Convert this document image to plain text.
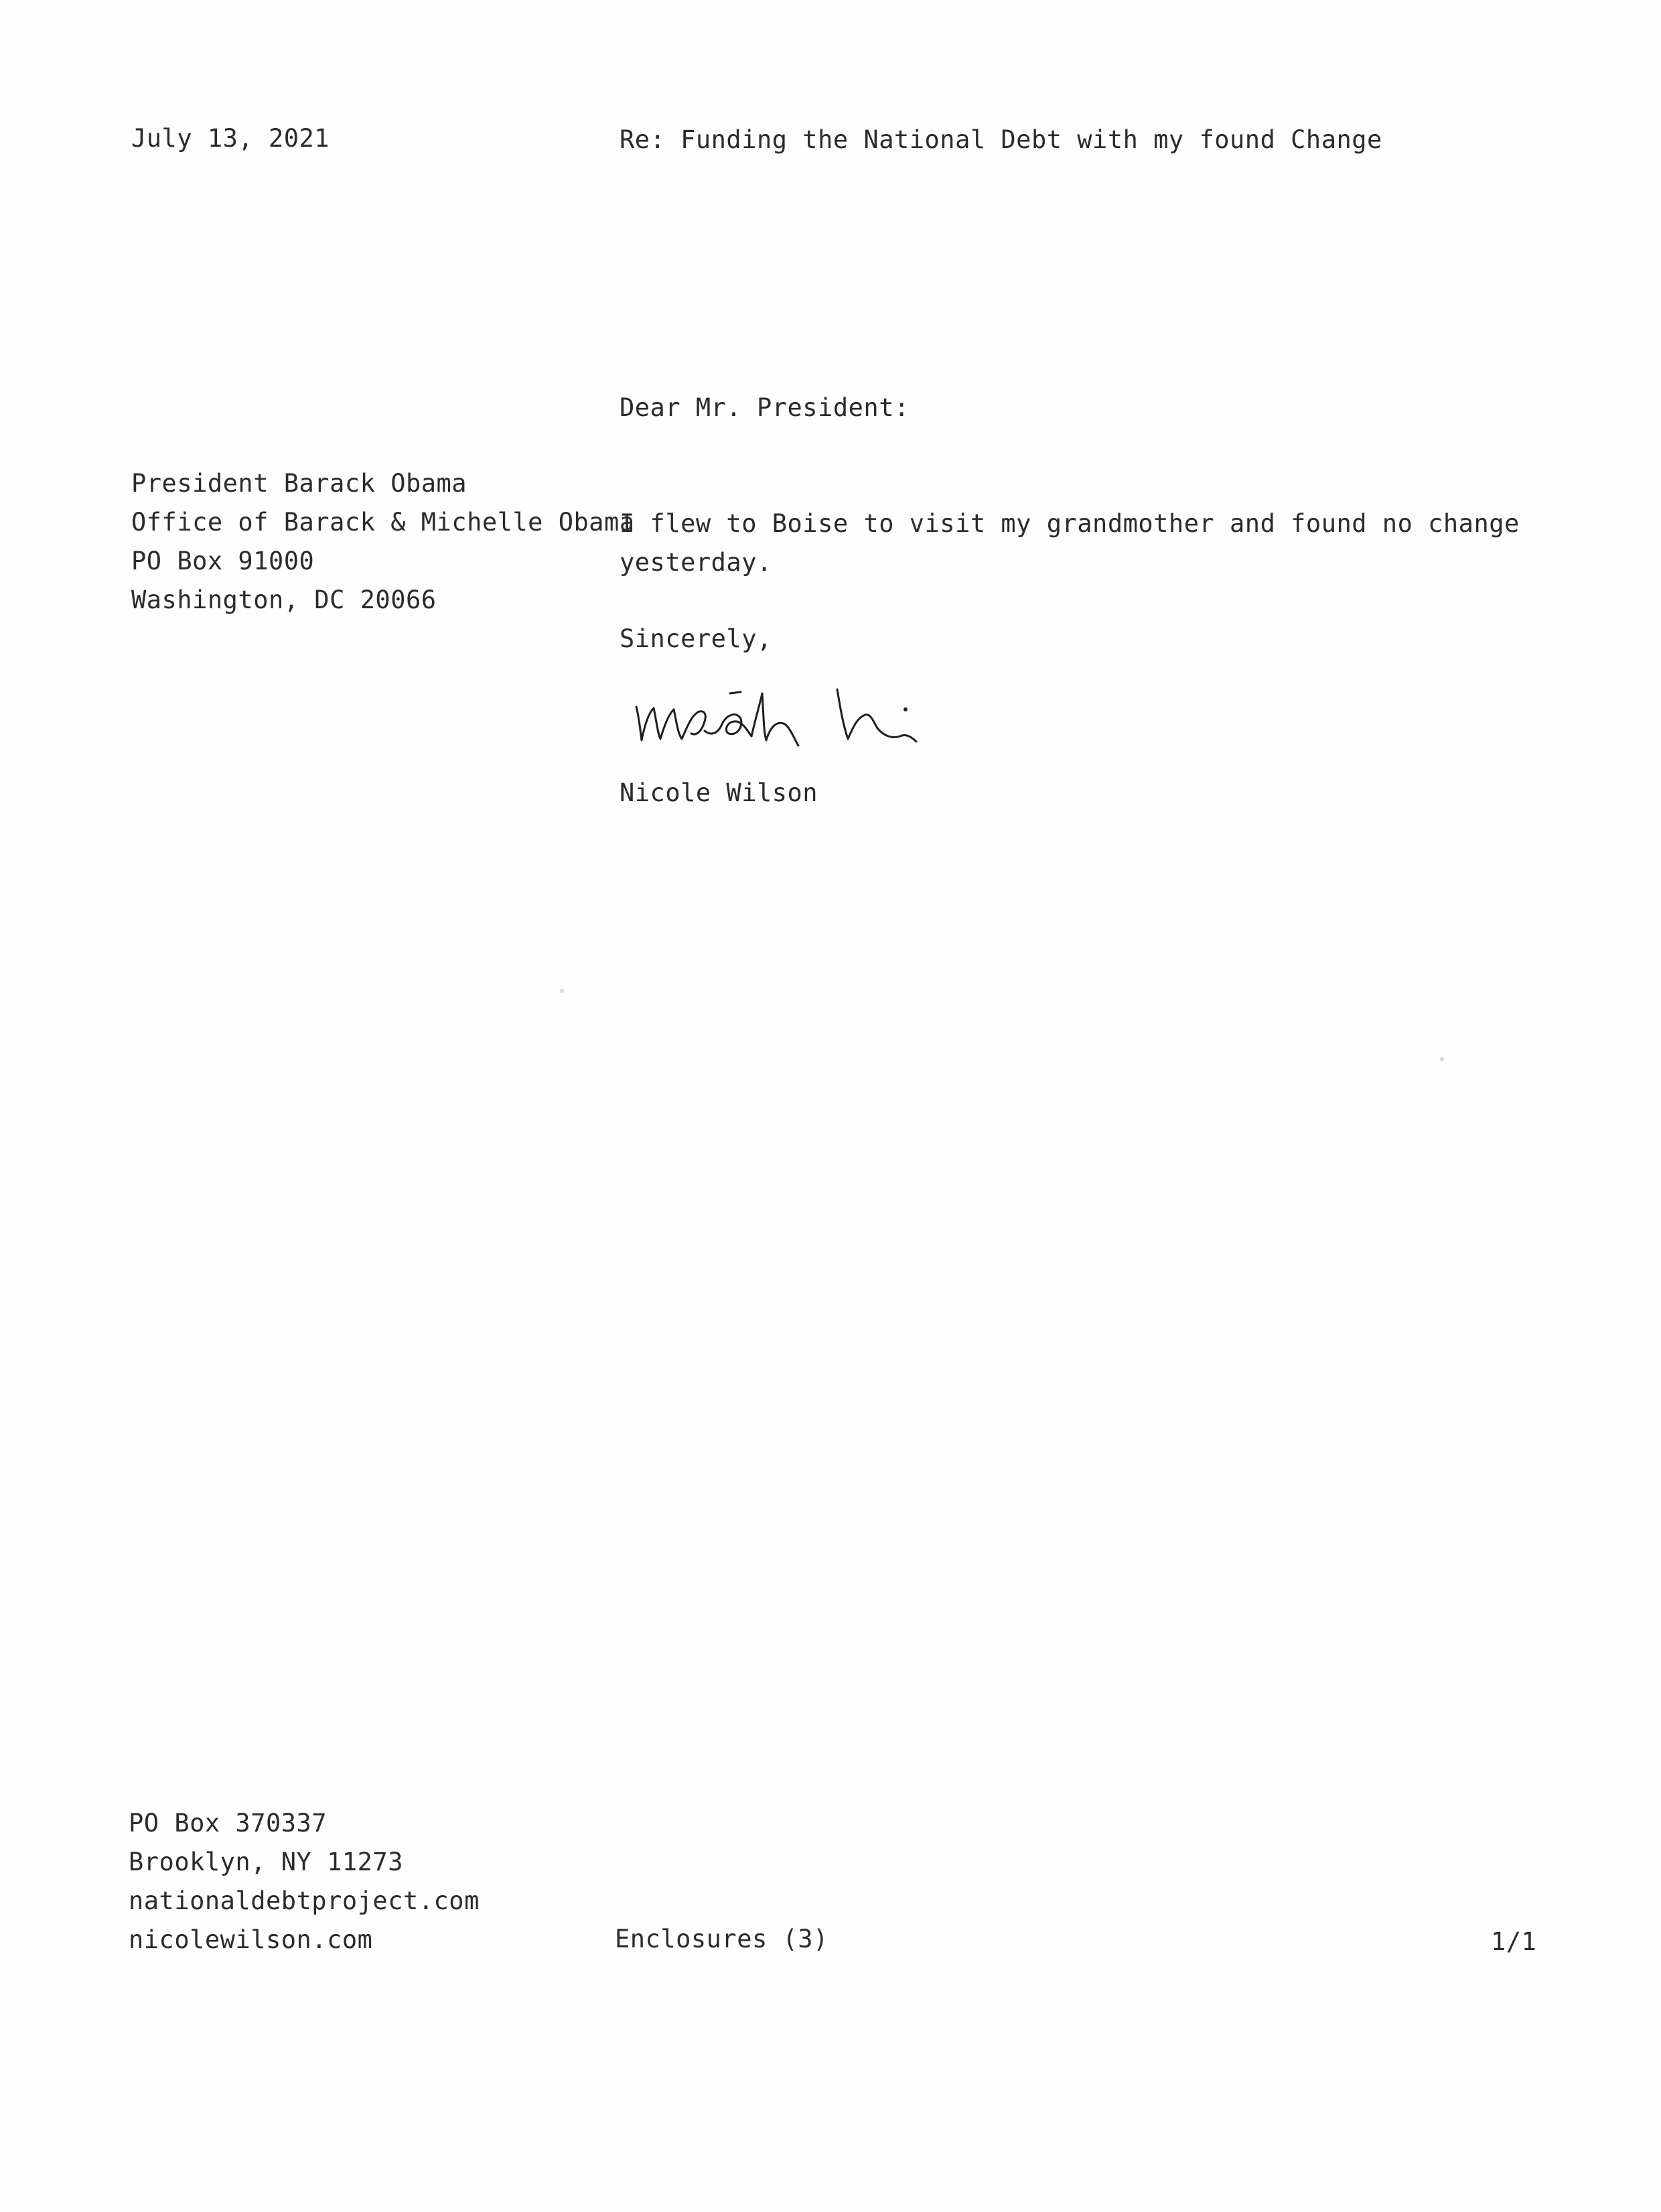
July 13, 2021	Re: Funding the National Debt with my found Change
Dear Mr. President:
President Barack Obama
Office of Barack & Michelle Obama
PO Box 91000
Washington, DC 20066
I flew to Boise to visit my grandmother and found no change
yesterday.
Sincerely,
Nicole Wilson
PO Box 370337
Brooklyn, NY 11273
nationaldebtproject.com
nicolewilson.com	Enclosures (3)	1/1
